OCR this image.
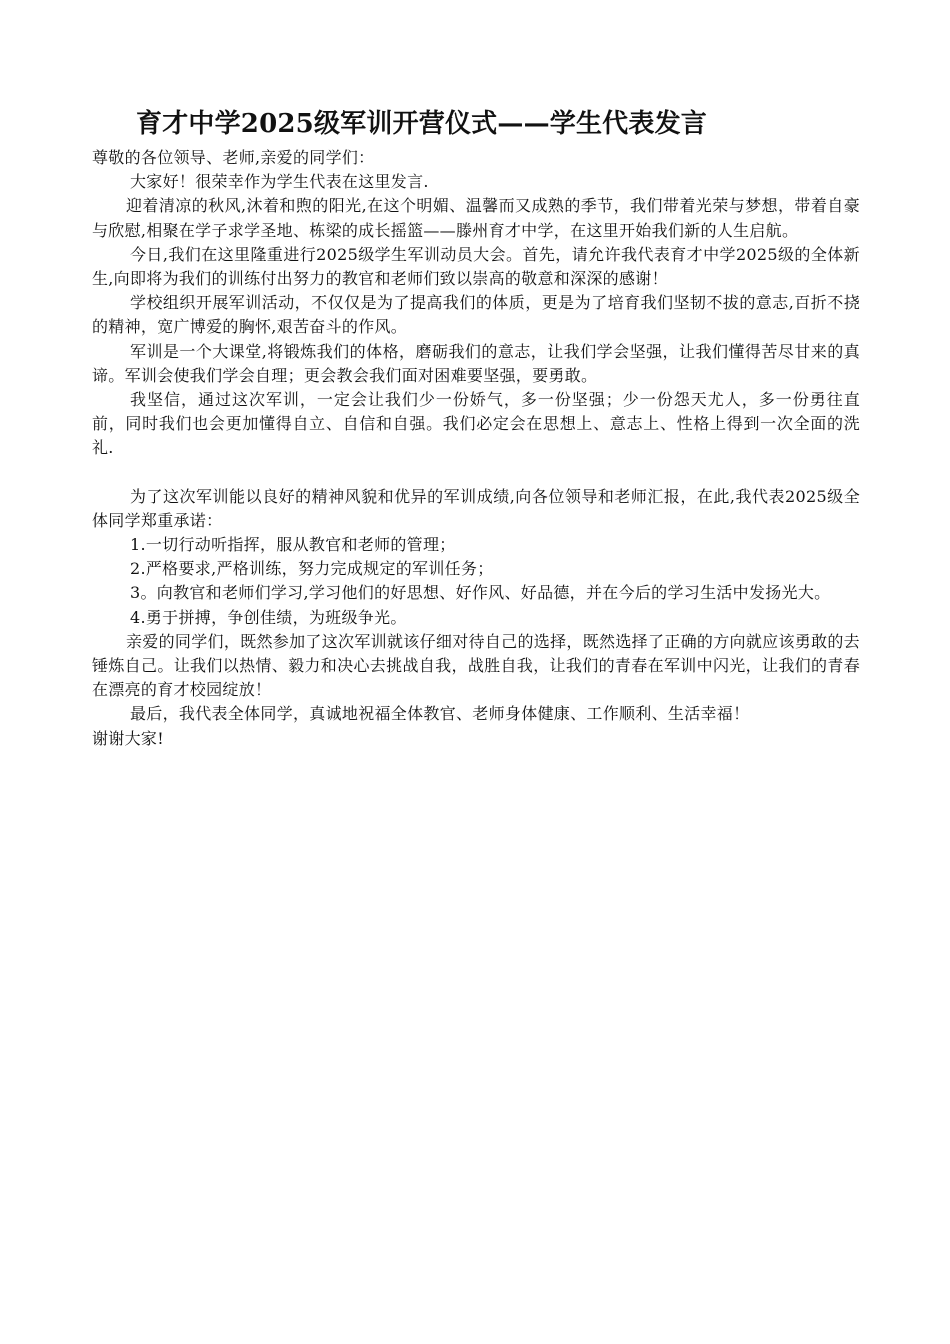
育才中学2025级军训开营仪式——学生代表发言

尊敬的各位领导、老师,亲爱的同学们：

大家好！很荣幸作为学生代表在这里发言.

迎着清凉的秋风,沐着和煦的阳光,在这个明媚、温馨而又成熟的季节，我们带着光荣与梦想，带着自豪与欣慰,相聚在学子求学圣地、栋梁的成长摇篮——滕州育才中学，在这里开始我们新的人生启航。

今日,我们在这里隆重进行2025级学生军训动员大会。首先，请允许我代表育才中学2025级的全体新生,向即将为我们的训练付出努力的教官和老师们致以崇高的敬意和深深的感谢！

学校组织开展军训活动，不仅仅是为了提高我们的体质，更是为了培育我们坚韧不拔的意志,百折不挠的精神，宽广博爱的胸怀,艰苦奋斗的作风。

军训是一个大课堂,将锻炼我们的体格，磨砺我们的意志，让我们学会坚强，让我们懂得苦尽甘来的真谛。军训会使我们学会自理；更会教会我们面对困难要坚强，要勇敢。

我坚信，通过这次军训，一定会让我们少一份娇气，多一份坚强；少一份怨天尤人，多一份勇往直前，同时我们也会更加懂得自立、自信和自强。我们必定会在思想上、意志上、性格上得到一次全面的洗礼.

为了这次军训能以良好的精神风貌和优异的军训成绩,向各位领导和老师汇报，在此,我代表2025级全体同学郑重承诺：

1.一切行动听指挥，服从教官和老师的管理；

2.严格要求,严格训练，努力完成规定的军训任务；

3。向教官和老师们学习,学习他们的好思想、好作风、好品德，并在今后的学习生活中发扬光大。

4.勇于拼搏，争创佳绩，为班级争光。

亲爱的同学们，既然参加了这次军训就该仔细对待自己的选择，既然选择了正确的方向就应该勇敢的去锤炼自己。让我们以热情、毅力和决心去挑战自我，战胜自我，让我们的青春在军训中闪光，让我们的青春在漂亮的育才校园绽放！

最后，我代表全体同学，真诚地祝福全体教官、老师身体健康、工作顺利、生活幸福！

谢谢大家!
